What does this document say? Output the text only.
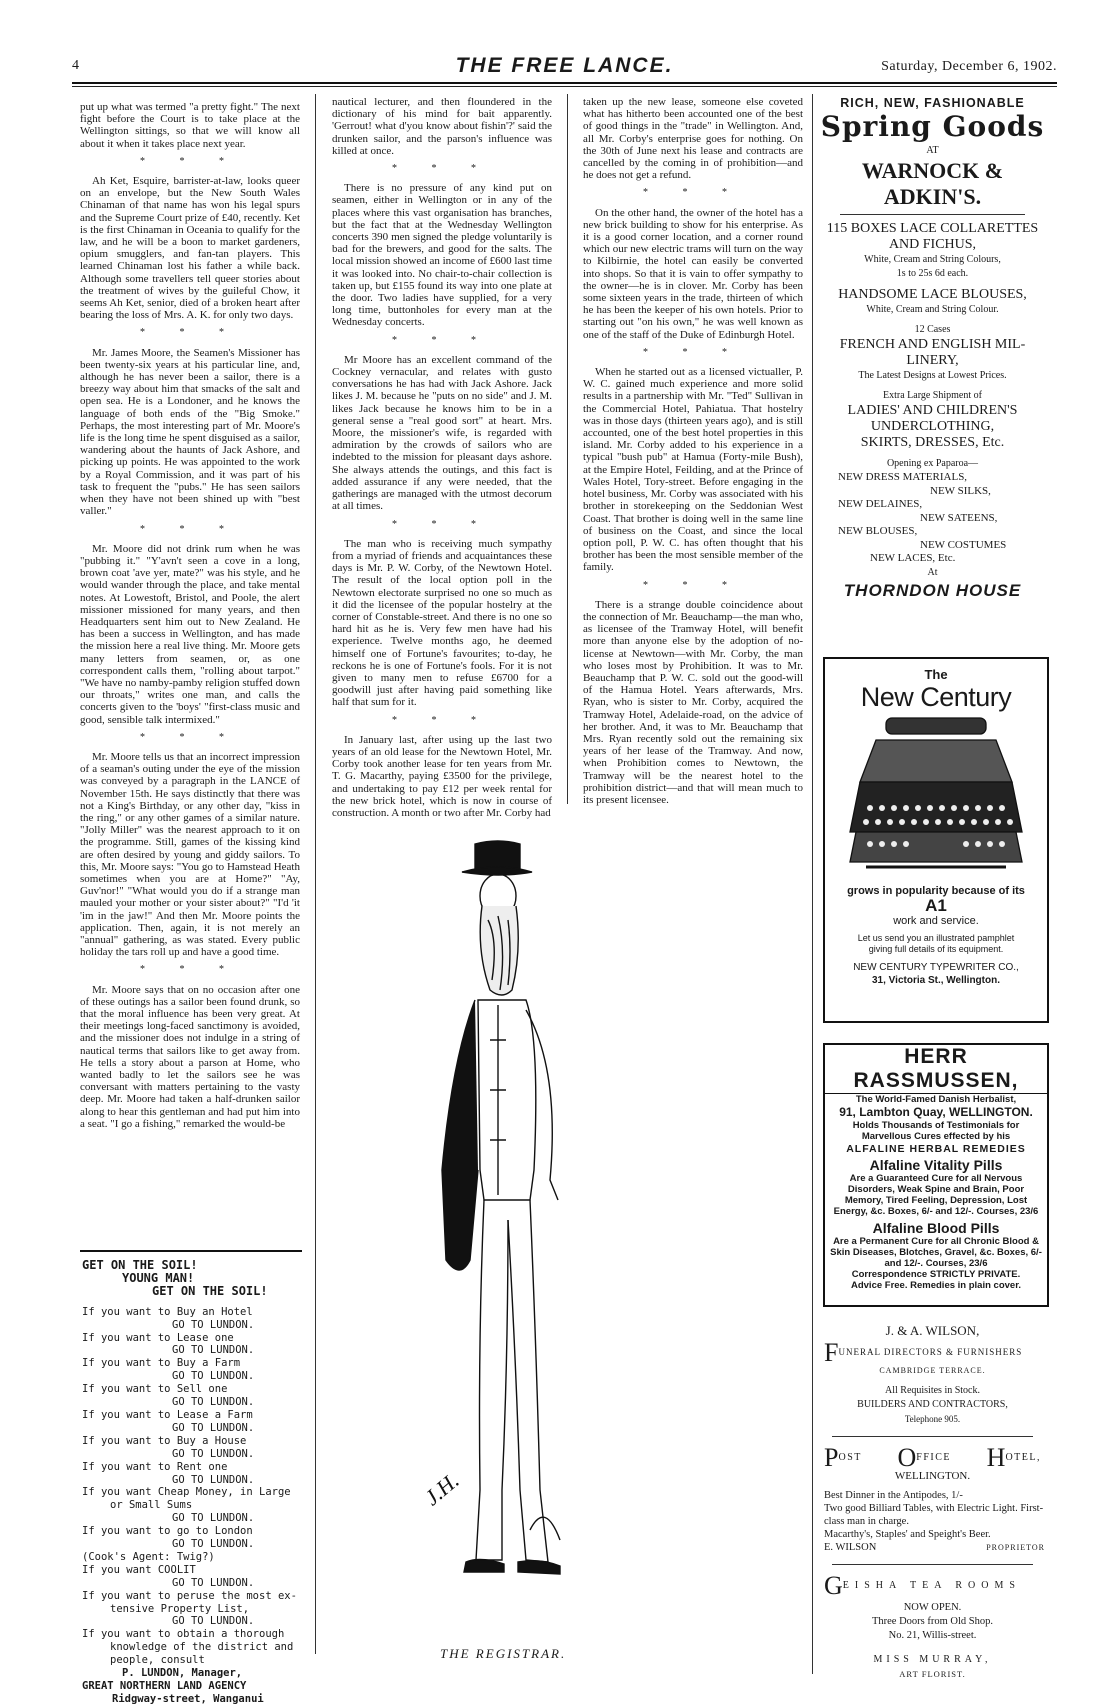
4	THE FREE LANCE.	Saturday, December 6, 1902.

put up what was termed "a pretty fight." The next fight before the Court is to take place at the Wellington sittings, so that we will know all about it when it takes place next year.

* * *

Ah Ket, Esquire, barrister-at-law, looks queer on an envelope, but the New South Wales Chinaman of that name has won his legal spurs and the Supreme Court prize of £40, recently. Ket is the first Chinaman in Oceania to qualify for the law, and he will be a boon to market gardeners, opium smugglers, and fan-tan players. This learned Chinaman lost his father a while back. Although some travellers tell queer stories about the treatment of wives by the guileful Chow, it seems Ah Ket, senior, died of a broken heart after bearing the loss of Mrs. A. K. for only two days.

* * *

Mr. James Moore, the Seamen's Missioner has been twenty-six years at his particular line, and, although he has never been a sailor, there is a breezy way about him that smacks of the salt and open sea. He is a Londoner, and he knows the language of both ends of the "Big Smoke." Perhaps, the most interesting part of Mr. Moore's life is the long time he spent disguised as a sailor, wandering about the haunts of Jack Ashore, and picking up points. He was appointed to the work by a Royal Commission, and it was part of his task to frequent the "pubs." He has seen sailors when they have not been shined up with "best valler."

* * *

Mr. Moore did not drink rum when he was "pubbing it." "Y'avn't seen a cove in a long, brown coat 'ave yer, mate?" was his style, and he would wander through the place, and take mental notes. At Lowestoft, Bristol, and Poole, the alert missioner missioned for many years, and then Headquarters sent him out to New Zealand. He has been a success in Wellington, and has made the mission here a real live thing. Mr. Moore gets many letters from seamen, or, as one correspondent calls them, "rolling about tarpot." "We have no namby-pamby religion stuffed down our throats," writes one man, and calls the concerts given to the 'boys' "first-class music and good, sensible talk intermixed."

* * *

Mr. Moore tells us that an incorrect impression of a seaman's outing under the eye of the mission was conveyed by a paragraph in the LANCE of November 15th. He says distinctly that there was not a King's Birthday, or any other day, "kiss in the ring," or any other games of a similar nature. "Jolly Miller" was the nearest approach to it on the programme. Still, games of the kissing kind are often desired by young and giddy sailors. To this, Mr. Moore says: "You go to Hamstead Heath sometimes when you are at Home?" "Ay, Guv'nor!" "What would you do if a strange man mauled your mother or your sister about?" "I'd 'it 'im in the jaw!" And then Mr. Moore points the application. Then, again, it is not merely an "annual" gathering, as was stated. Every public holiday the tars roll up and have a good time.

* * *

Mr. Moore says that on no occasion after one of these outings has a sailor been found drunk, so that the moral influence has been very great. At their meetings long-faced sanctimony is avoided, and the missioner does not indulge in a string of nautical terms that sailors like to get away from. He tells a story about a parson at Home, who wanted badly to let the sailors see he was conversant with matters pertaining to the vasty deep. Mr. Moore had taken a half-drunken sailor along to hear this gentleman and had put him into a seat. "I go a fishing," remarked the would-be

GET ON THE SOIL!
YOUNG MAN!
GET ON THE SOIL!
If you want to Buy an Hotel
GO TO LUNDON.
If you want to Lease one
GO TO LUNDON.
If you want to Buy a Farm
GO TO LUNDON.
If you want to Sell one
GO TO LUNDON.
If you want to Lease a Farm
GO TO LUNDON.
If you want to Buy a House
GO TO LUNDON.
If you want to Rent one
GO TO LUNDON.
If you want Cheap Money, in Large
or Small Sums
GO TO LUNDON.
If you want to go to London
GO TO LUNDON.
(Cook's Agent: Twig?)
If you want COOLIT
GO TO LUNDON.
If you want to peruse the most ex-
tensive Property List,
GO TO LUNDON.
If you want to obtain a thorough
knowledge of the district and
people, consult
P. LUNDON, Manager,
GREAT NORTHERN LAND AGENCY
Ridgway-street, Wanganui

nautical lecturer, and then floundered in the dictionary of his mind for bait apparently. 'Gerrout! what d'you know about fishin'?' said the drunken sailor, and the parson's influence was killed at once.

* * *

There is no pressure of any kind put on seamen, either in Wellington or in any of the places where this vast organisation has branches, but the fact that at the Wednesday Wellington concerts 390 men signed the pledge voluntarily is bad for the brewers, and good for the salts. The local mission showed an income of £600 last time it was looked into. No chair-to-chair collection is taken up, but £155 found its way into one plate at the door. Two ladies have supplied, for a very long time, buttonholes for every man at the Wednesday concerts.

* * *

Mr Moore has an excellent command of the Cockney vernacular, and relates with gusto conversations he has had with Jack Ashore. Jack likes J. M. because he "puts on no side" and J. M. likes Jack because he knows him to be in a general sense a "real good sort" at heart. Mrs. Moore, the missioner's wife, is regarded with admiration by the crowds of sailors who are indebted to the mission for pleasant days ashore. She always attends the outings, and this fact is added assurance if any were needed, that the gatherings are managed with the utmost decorum at all times.

* * *

The man who is receiving much sympathy from a myriad of friends and acquaintances these days is Mr. P. W. Corby, of the Newtown Hotel. The result of the local option poll in the Newtown electorate surprised no one so much as it did the licensee of the popular hostelry at the corner of Constable-street. And there is no one so hard hit as he is. Very few men have had his experience. Twelve months ago, he deemed himself one of Fortune's favourites; to-day, he reckons he is one of Fortune's fools. For it is not given to many men to refuse £6700 for a goodwill just after having paid something like half that sum for it.

* * *

In January last, after using up the last two years of an old lease for the Newtown Hotel, Mr. Corby took another lease for ten years from Mr. T. G. Macarthy, paying £3500 for the privilege, and undertaking to pay £12 per week rental for the new brick hotel, which is now in course of construction. A month or two after Mr. Corby had

taken up the new lease, someone else coveted what has hitherto been accounted one of the best of good things in the "trade" in Wellington. And, all Mr. Corby's enterprise goes for nothing. On the 30th of June next his lease and contracts are cancelled by the coming in of prohibition—and he does not get a refund.

* * *

On the other hand, the owner of the hotel has a new brick building to show for his enterprise. As it is a good corner location, and a corner round which our new electric trams will turn on the way to Kilbirnie, the hotel can easily be converted into shops. So that it is vain to offer sympathy to the owner—he is in clover. Mr. Corby has been some sixteen years in the trade, thirteen of which he has been the keeper of his own hotels. Prior to starting out "on his own," he was well known as one of the staff of the Duke of Edinburgh Hotel.

* * *

When he started out as a licensed victualler, P. W. C. gained much experience and more solid results in a partnership with Mr. "Ted" Sullivan in the Commercial Hotel, Pahiatua. That hostelry was in those days (thirteen years ago), and is still accounted, one of the best hotel properties in this island. Mr. Corby added to his experience in a typical "bush pub" at Hamua (Forty-mile Bush), at the Empire Hotel, Feilding, and at the Prince of Wales Hotel, Tory-street. Before engaging in the hotel business, Mr. Corby was associated with his brother in storekeeping on the Seddonian West Coast. That brother is doing well in the same line of business on the Coast, and since the local option poll, P. W. C. has often thought that his brother has been the most sensible member of the family.

* * *

There is a strange double coincidence about the connection of Mr. Beauchamp—the man who, as licensee of the Tramway Hotel, will benefit more than anyone else by the adoption of no-license at Newtown—with Mr. Corby, the man who loses most by Prohibition. It was to Mr. Beauchamp that P. W. C. sold out the good-will of the Hamua Hotel. Years afterwards, Mrs. Ryan, who is sister to Mr. Corby, acquired the Tramway Hotel, Adelaide-road, on the advice of her brother. And, it was to Mr. Beauchamp that Mrs. Ryan recently sold out the remaining six years of her lease of the Tramway. And now, when Prohibition comes to Newtown, the Tramway will be the nearest hotel to the prohibition district—and that will mean much to its present licensee.

J.H.
THE REGISTRAR.
RICH, NEW, FASHIONABLE
Spring Goods
AT
WARNOCK & ADKIN'S.
115 BOXES LACE COLLARETTES
AND FICHUS,
White, Cream and String Colours,
1s to 25s 6d each.
HANDSOME LACE BLOUSES,
White, Cream and String Colour.
12 Cases
FRENCH AND ENGLISH MIL-
LINERY,
The Latest Designs at Lowest Prices.
Extra Large Shipment of
LADIES' AND CHILDREN'S
UNDERCLOTHING,
SKIRTS, DRESSES, Etc.
Opening ex Paparoa—
NEW DRESS MATERIALS,
NEW SILKS,
NEW DELAINES,
NEW SATEENS,
NEW BLOUSES,
NEW COSTUMES
NEW LACES, Etc.
At
THORNDON HOUSE
The
New Century
grows in popularity because of its
A1
work and service.
Let us send you an illustrated pamphlet
giving full details of its equipment.
NEW CENTURY TYPEWRITER CO.,
31, Victoria St., Wellington.
HERR RASSMUSSEN,
The World-Famed Danish Herbalist,
91, Lambton Quay, WELLINGTON.
Holds Thousands of Testimonials for
Marvellous Cures effected by his
ALFALINE HERBAL REMEDIES
Alfaline Vitality Pills
Are a Guaranteed Cure for all Nervous Disorders, Weak Spine and Brain, Poor Memory, Tired Feeling, Depression, Lost Energy, &c. Boxes, 6/- and 12/-. Courses, 23/6
Alfaline Blood Pills
Are a Permanent Cure for all Chronic Blood & Skin Diseases, Blotches, Gravel, &c. Boxes, 6/- and 12/-. Courses, 23/6
Correspondence STRICTLY PRIVATE.
Advice Free. Remedies in plain cover.
J. & A. WILSON,
FUNERAL DIRECTORS & FURNISHERS
CAMBRIDGE TERRACE.
All Requisites in Stock.
BUILDERS AND CONTRACTORS,
Telephone 905.
POST OFFICE HOTEL,
WELLINGTON.
Best Dinner in the Antipodes, 1/-
Two good Billiard Tables, with Electric Light. First-class man in charge.
Macarthy's, Staples' and Speight's Beer.
E. WILSON	PROPRIETOR
GEISHA TEA ROOMS
NOW OPEN.
Three Doors from Old Shop.
No. 21, Willis-street.
MISS MURRAY,
ART FLORIST.
